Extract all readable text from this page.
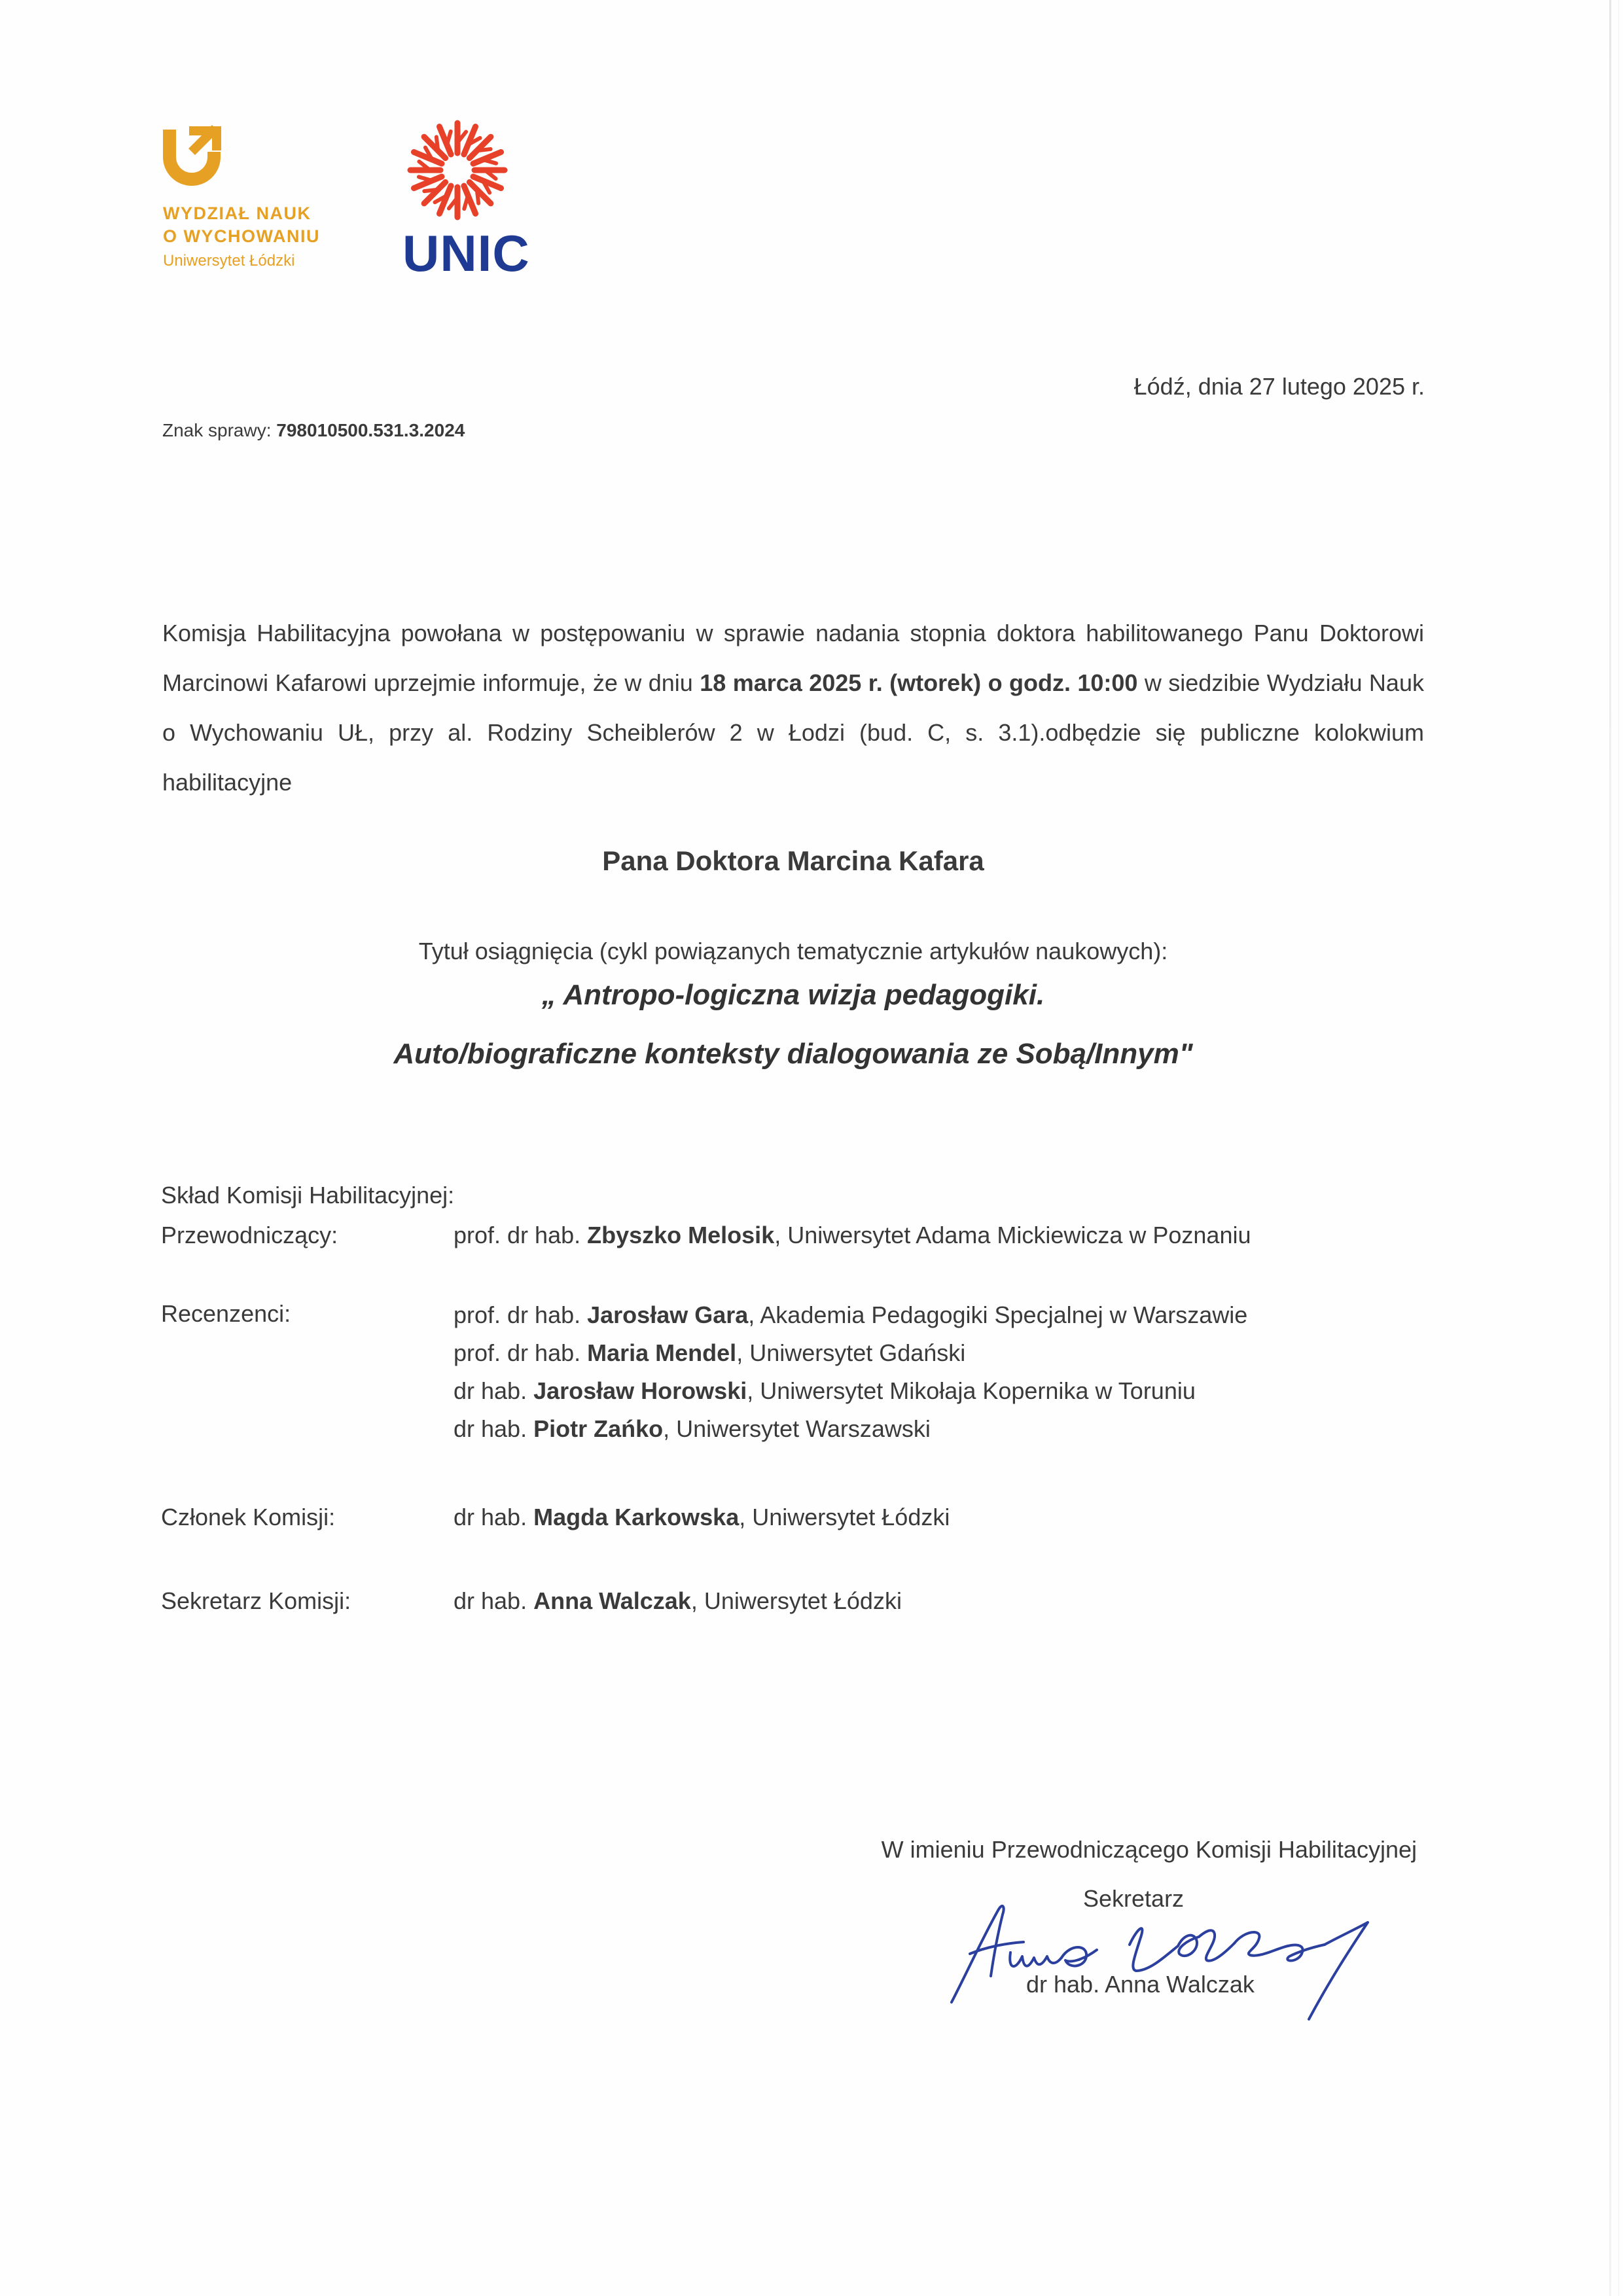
WYDZIAŁ NAUK
O WYCHOWANIU
Uniwersytet Łódzki UNIC
Łódź, dnia 27 lutego 2025 r.
Znak sprawy: 798010500.531.3.2024
Komisja Habilitacyjna powołana w postępowaniu w sprawie nadania stopnia doktora habilitowanego Panu Doktorowi Marcinowi Kafarowi uprzejmie informuje, że w dniu 18 marca 2025 r. (wtorek) o godz. 10:00 w siedzibie Wydziału Nauk o Wychowaniu UŁ, przy al. Rodziny Scheiblerów 2 w Łodzi (bud. C, s. 3.1).odbędzie się publiczne kolokwium habilitacyjne
Pana Doktora Marcina Kafara
Tytuł osiągnięcia (cykl powiązanych tematycznie artykułów naukowych):
„ Antropo-logiczna wizja pedagogiki.
Auto/biograficzne konteksty dialogowania ze Sobą/Innym"
Skład Komisji Habilitacyjnej:
Przewodniczący:	prof. dr hab. Zbyszko Melosik, Uniwersytet Adama Mickiewicza w Poznaniu
Recenzenci:	prof. dr hab. Jarosław Gara, Akademia Pedagogiki Specjalnej w Warszawie
prof. dr hab. Maria Mendel, Uniwersytet Gdański
dr hab. Jarosław Horowski, Uniwersytet Mikołaja Kopernika w Toruniu
dr hab. Piotr Zańko, Uniwersytet Warszawski
Członek Komisji:	dr hab. Magda Karkowska, Uniwersytet Łódzki
Sekretarz Komisji:	dr hab. Anna Walczak, Uniwersytet Łódzki
W imieniu Przewodniczącego Komisji Habilitacyjnej
Sekretarz
dr hab. Anna Walczak
